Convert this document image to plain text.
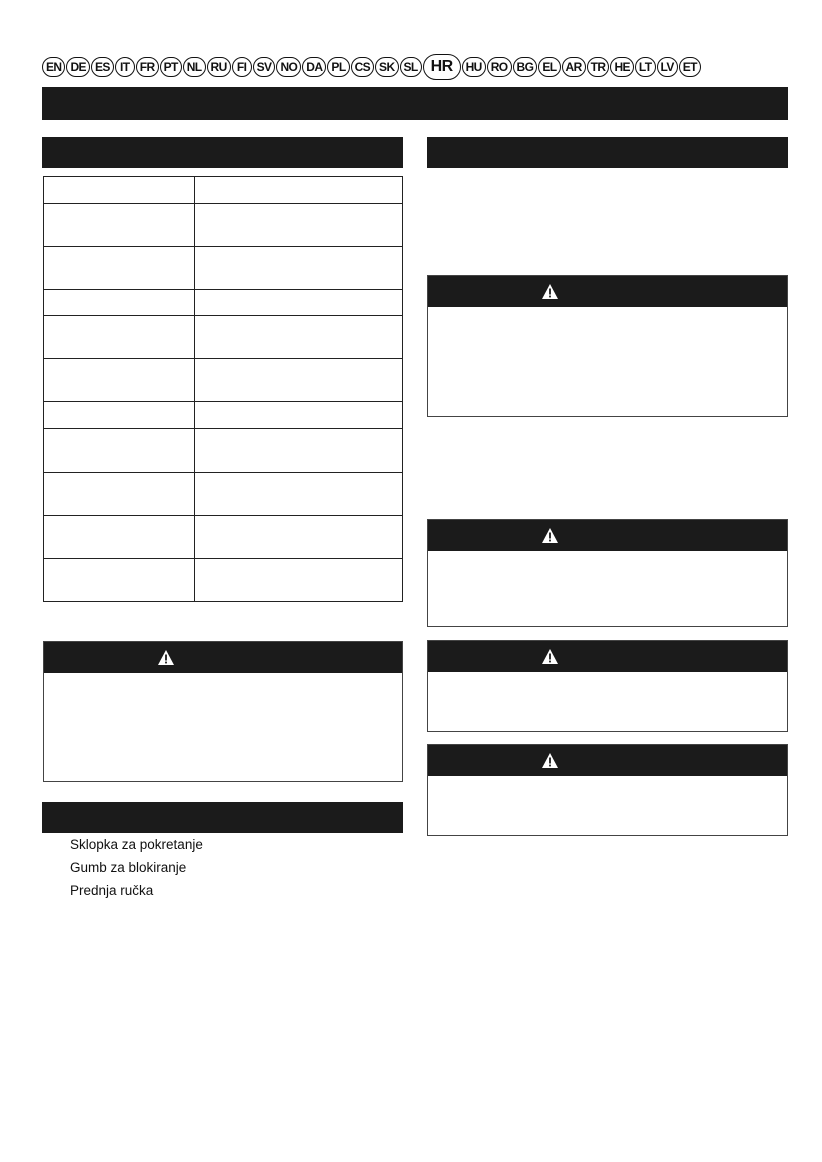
EN DE ES IT FR PT NL RU FI SV NO DA PL CS SK SL HR	HU RO BG EL AR TR HE LT LV ET

Sklopka za pokretanje
Gumb za blokiranje
Prednja ručka
